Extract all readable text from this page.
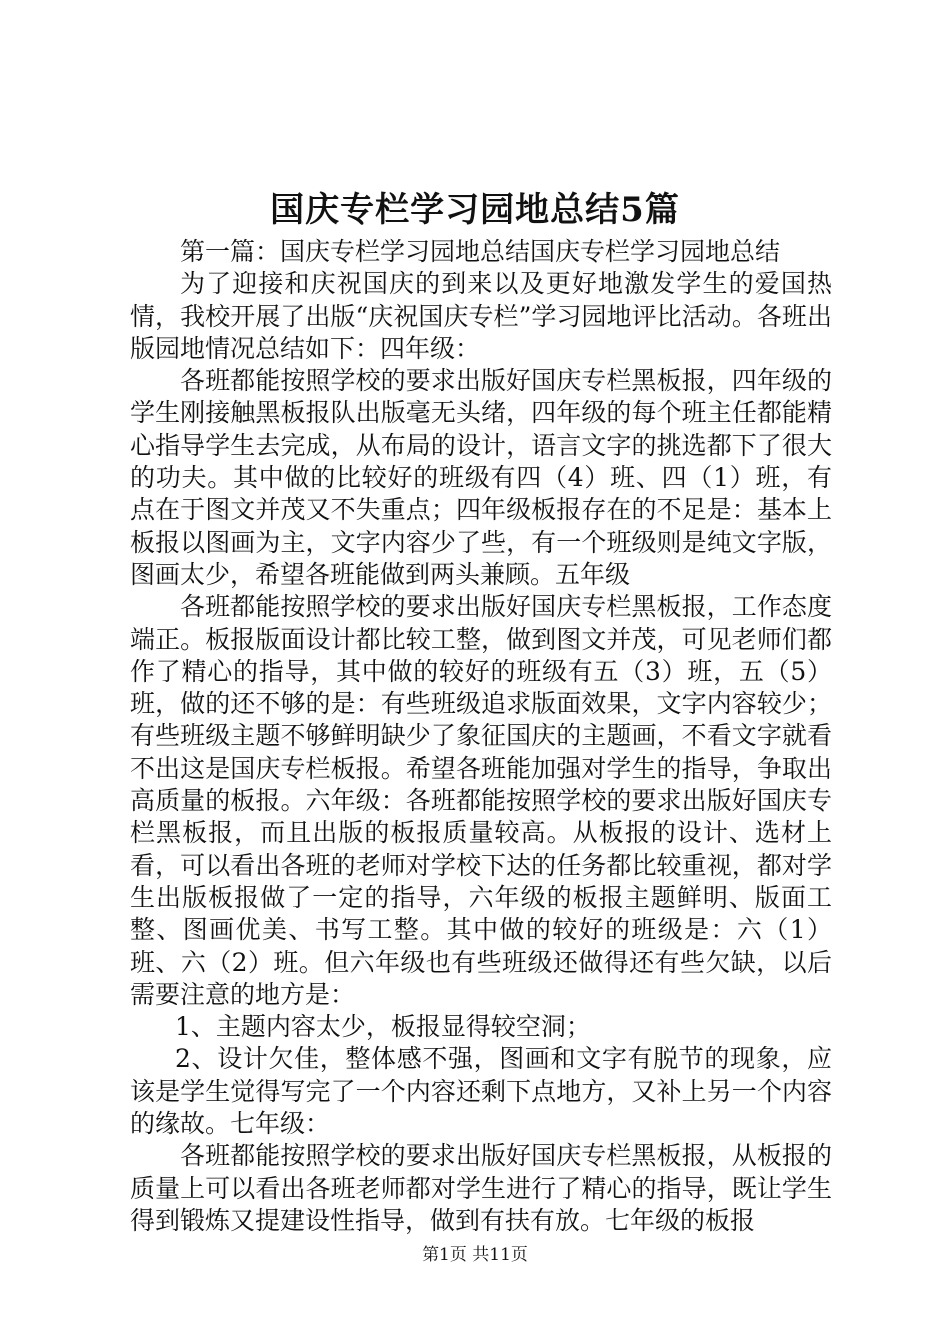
国庆专栏学习园地总结5篇

第一篇：国庆专栏学习园地总结国庆专栏学习园地总结

为了迎接和庆祝国庆的到来以及更好地激发学生的爱国热情，我校开展了出版“庆祝国庆专栏”学习园地评比活动。各班出版园地情况总结如下：四年级：

各班都能按照学校的要求出版好国庆专栏黑板报，四年级的学生刚接触黑板报队出版毫无头绪，四年级的每个班主任都能精心指导学生去完成，从布局的设计，语言文字的挑选都下了很大的功夫。其中做的比较好的班级有四（4）班、四（1）班，有点在于图文并茂又不失重点；四年级板报存在的不足是：基本上板报以图画为主，文字内容少了些，有一个班级则是纯文字版，图画太少，希望各班能做到两头兼顾。五年级

各班都能按照学校的要求出版好国庆专栏黑板报，工作态度端正。板报版面设计都比较工整，做到图文并茂，可见老师们都作了精心的指导，其中做的较好的班级有五（3）班，五（5）班，做的还不够的是：有些班级追求版面效果，文字内容较少；有些班级主题不够鲜明缺少了象征国庆的主题画，不看文字就看不出这是国庆专栏板报。希望各班能加强对学生的指导，争取出高质量的板报。六年级：各班都能按照学校的要求出版好国庆专栏黑板报，而且出版的板报质量较高。从板报的设计、选材上看，可以看出各班的老师对学校下达的任务都比较重视，都对学生出版板报做了一定的指导，六年级的板报主题鲜明、版面工整、图画优美、书写工整。其中做的较好的班级是：六（1）班、六（2）班。但六年级也有些班级还做得还有些欠缺，以后需要注意的地方是：

1、主题内容太少，板报显得较空洞；

2、设计欠佳，整体感不强，图画和文字有脱节的现象，应该是学生觉得写完了一个内容还剩下点地方，又补上另一个内容的缘故。七年级：

各班都能按照学校的要求出版好国庆专栏黑板报，从板报的质量上可以看出各班老师都对学生进行了精心的指导，既让学生得到锻炼又提建设性指导，做到有扶有放。七年级的板报

第1页 共11页
